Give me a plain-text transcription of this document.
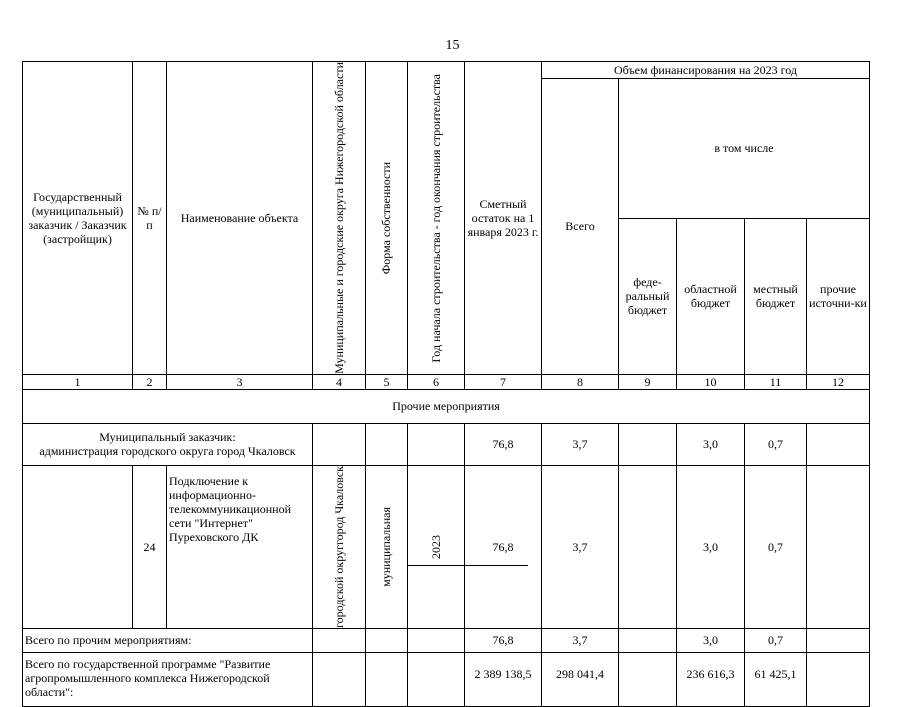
15
Государственный (муниципальный) заказчик / Заказчик (застройщик)	№ п/п	Наименование объекта	Муниципальные и городские округа Нижегородской области	Форма собственности	Год начала строительства - год окончания строительства	Сметный остаток на 1 января 2023 г.	Объем финансирования на 2023 год				
							Всего	в том числе			
								феде-ральный бюджет	областной бюджет	местный бюджет	прочие источни-ки
1	2	3	4	5	6	7	8	9	10	11	12
Прочие мероприятия											

Муниципальный заказчик:
администрация городского округа город Чкаловск						76,8	3,7		3,0	0,7	
	24	Подключение к информационно- телекоммуникационной сети "Интернет" Пуреховского ДК	городской округгород Чкаловск	муниципальная	2023	76,8	3,7		3,0	0,7	
Всего по прочим мероприятиям:						76,8	3,7		3,0	0,7	
Всего по государственной программе "Развитие агропромышленного комплекса Нижегородской области":						2 389 138,5	298 041,4		236 616,3	61 425,1	
